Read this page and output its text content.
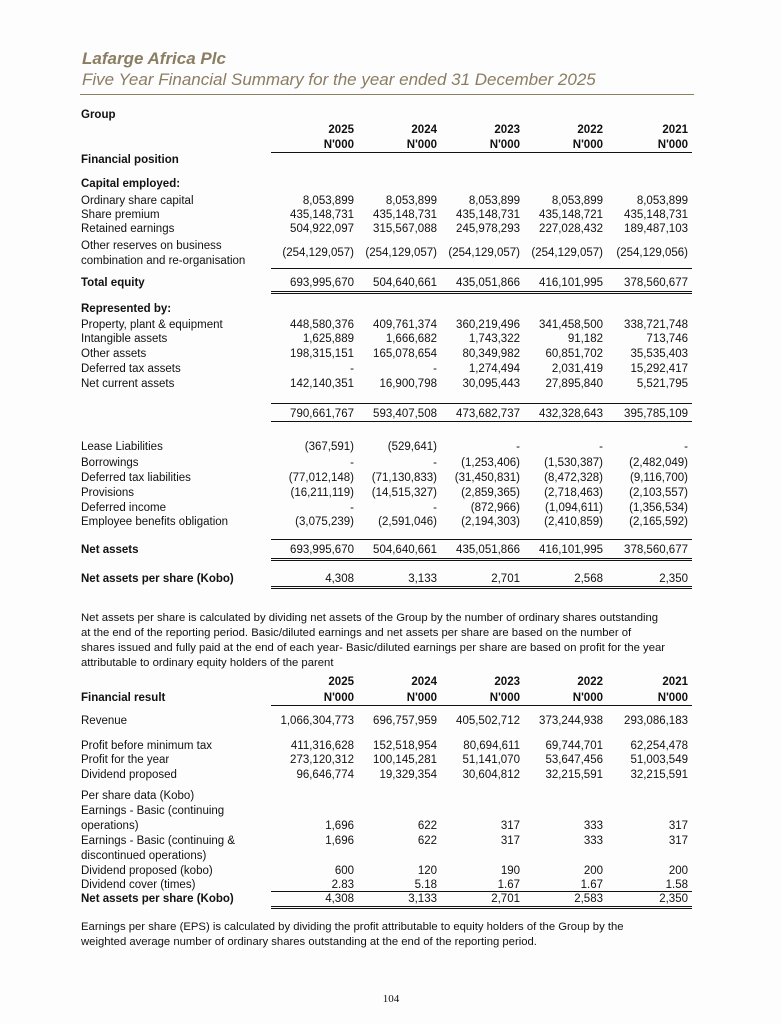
Lafarge Africa Plc
Five Year Financial Summary for the year ended 31 December 2025
Group
2025	2024	2023	2022	2021
N'000	N'000	N'000	N'000	N'000
Financial position
Capital employed:
Ordinary share capital	8,053,899	8,053,899	8,053,899	8,053,899	8,053,899
Share premium	435,148,731	435,148,731	435,148,731	435,148,721	435,148,731
Retained earnings	504,922,097	315,567,088	245,978,293	227,028,432	189,487,103
Other reserves on business
combination and re-organisation
(254,129,057) (254,129,057) (254,129,057) (254,129,057)	(254,129,056)
Total equity	693,995,670	504,640,661	435,051,866	416,101,995	378,560,677
Represented by:
Property, plant & equipment	448,580,376	409,761,374	360,219,496	341,458,500	338,721,748
Intangible assets	1,625,889	1,666,682	1,743,322	91,182	713,746
Other assets	198,315,151	165,078,654	80,349,982	60,851,702	35,535,403
Deferred tax assets	-	-	1,274,494	2,031,419	15,292,417
Net current assets	142,140,351	16,900,798	30,095,443	27,895,840	5,521,795
790,661,767	593,407,508	473,682,737	432,328,643	395,785,109
Lease Liabilities	(367,591)	(529,641)	-	-	-
Borrowings	-	-	(1,253,406)	(1,530,387)	(2,482,049)
Deferred tax liabilities	(77,012,148)	(71,130,833)	(31,450,831)	(8,472,328)	(9,116,700)
Provisions	(16,211,119)	(14,515,327)	(2,859,365)	(2,718,463)	(2,103,557)
Deferred income	-	-	(872,966)	(1,094,611)	(1,356,534)
Employee benefits obligation	(3,075,239)	(2,591,046)	(2,194,303)	(2,410,859)	(2,165,592)
Net assets	693,995,670	504,640,661	435,051,866	416,101,995	378,560,677
Net assets per share (Kobo)	4,308	3,133	2,701	2,568	2,350
Net assets per share is calculated by dividing net assets of the Group by the number of ordinary shares outstanding
at the end of the reporting period. Basic/diluted earnings and net assets per share are based on the number of
shares issued and fully paid at the end of each year- Basic/diluted earnings per share are based on profit for the year
attributable to ordinary equity holders of the parent
2025	2024	2023	2022	2021
Financial result	N'000	N'000	N'000	N'000	N'000
Revenue	1,066,304,773	696,757,959	405,502,712	373,244,938	293,086,183
Profit before minimum tax	411,316,628	152,518,954	80,694,611	69,744,701	62,254,478
Profit for the year	273,120,312	100,145,281	51,141,070	53,647,456	51,003,549
Dividend proposed	96,646,774	19,329,354	30,604,812	32,215,591	32,215,591
Per share data (Kobo)
Earnings - Basic (continuing
operations)	1,696	622	317	333	317
Earnings - Basic (continuing &	1,696	622	317	333	317
discontinued operations)
Dividend proposed (kobo)	600	120	190	200	200
Dividend cover (times)	2.83	5.18	1.67	1.67	1.58
Net assets per share (Kobo)	4,308	3,133	2,701	2,583	2,350
Earnings per share (EPS) is calculated by dividing the profit attributable to equity holders of the Group by the
weighted average number of ordinary shares outstanding at the end of the reporting period.
104
